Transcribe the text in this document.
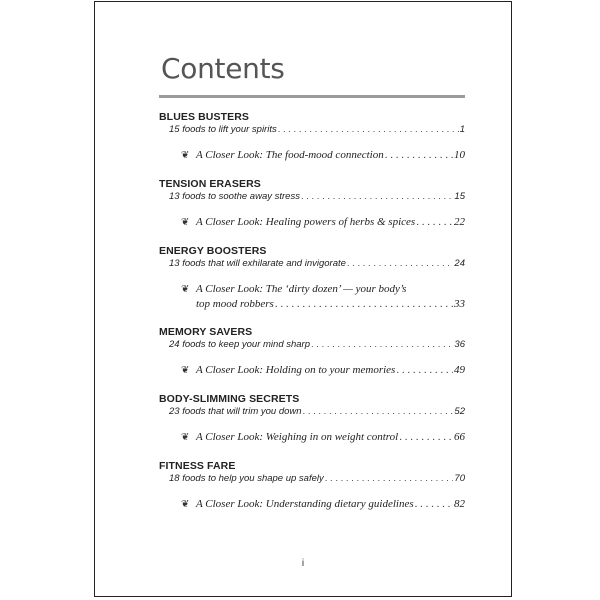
Contents
BLUES BUSTERS
15 foods to lift your spirits . . .	1
❦ A Closer Look: The food-mood connection . . .	10
TENSION ERASERS
13 foods to soothe away stress . . .	15
❦ A Closer Look: Healing powers of herbs & spices . . .	22
ENERGY BOOSTERS
13 foods that will exhilarate and invigorate . . .	24
❦ A Closer Look: The ‘dirty dozen’ — your body’s
top mood robbers . . .	33
MEMORY SAVERS
24 foods to keep your mind sharp . . .	36
❦ A Closer Look: Holding on to your memories . . .	49
BODY-SLIMMING SECRETS
23 foods that will trim you down . . .	52
❦ A Closer Look: Weighing in on weight control . . .	66
FITNESS FARE
18 foods to help you shape up safely . . .	70
❦ A Closer Look: Understanding dietary guidelines . . .	82
i
